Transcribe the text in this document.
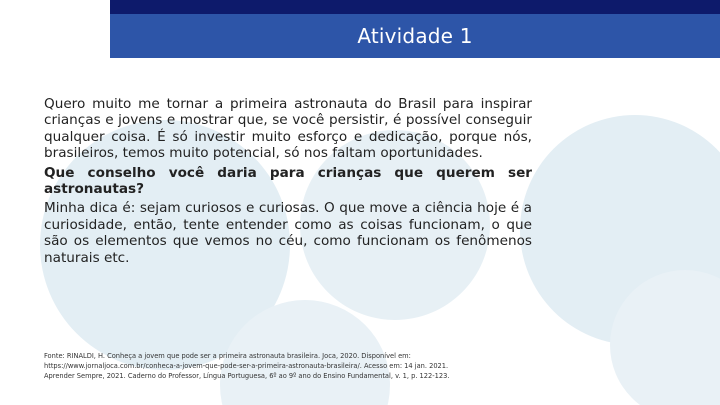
Atividade 1

Quero muito me tornar a primeira astronauta do Brasil para inspirar crianças e jovens e mostrar que, se você persistir, é possível conseguir qualquer coisa. É só investir muito esforço e dedicação, porque nós, brasileiros, temos muito potencial, só nos faltam oportunidades.

Que conselho você daria para crianças que querem ser astronautas?

Minha dica é: sejam curiosos e curiosas. O que move a ciência hoje é a curiosidade, então, tente entender como as coisas funcionam, o que são os elementos que vemos no céu, como funcionam os fenômenos naturais etc.

Fonte: RINALDI, H. Conheça a jovem que pode ser a primeira astronauta brasileira. Joca, 2020. Disponível em:
https://www.jornaljoca.com.br/conheca-a-jovem-que-pode-ser-a-primeira-astronauta-brasileira/. Acesso em: 14 jan. 2021.
Aprender Sempre, 2021. Caderno do Professor, Língua Portuguesa, 6º ao 9º ano do Ensino Fundamental, v. 1, p. 122-123.
